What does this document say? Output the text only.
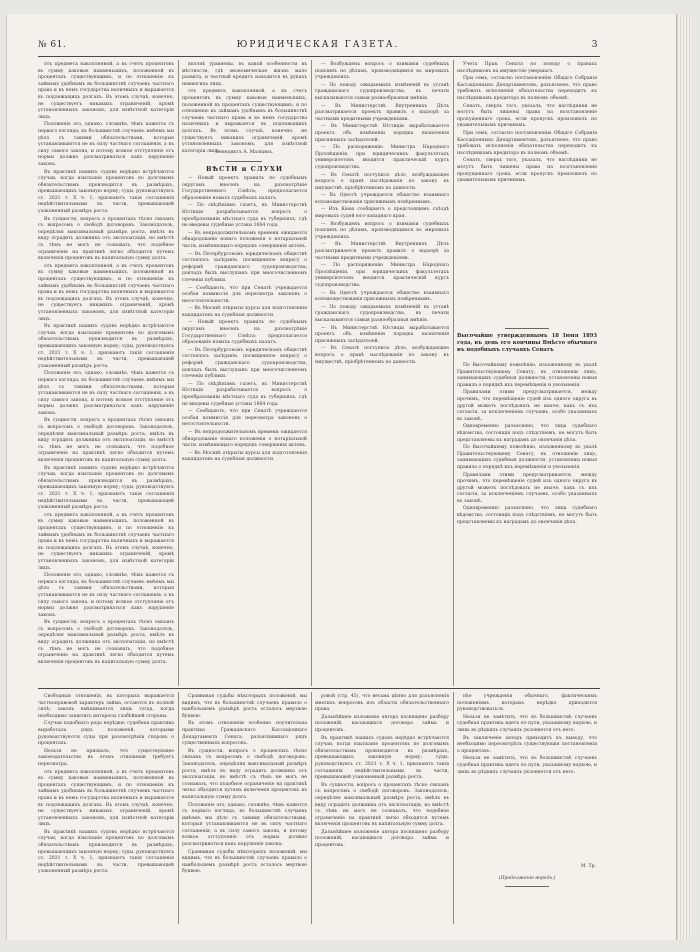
№ 61.	ЮРИДИЧЕСКАЯ ГАЗЕТА.	3

отъ предмета накопленной, а въ счетъ процентовъ въ сумму каковые наименьшихъ, положенной въ процентахъ существующимъ, и по отношенію къ займамъ удобнымъ въ большинствѣ случаевъ частнаго права и въ немъ государства наличныхъ и выражается въ подлежащихъ долгахъ. Въ этомъ случаѣ, конечно, не существуетъ никакихъ ограниченій, кромѣ установленныхъ закономъ, для извѣстной категоріи лицъ.

Положеніе это, однако, сложнѣе, чѣмъ кажется съ перваго взгляда; въ большинствѣ случаевъ имѣемъ мы дѣло съ такими обязательствами, которыя устанавливаются не въ силу частнаго соглашенія, а въ силу самого закона, и потому всякое отступленіе отъ нормы должно разсматриваться какъ нарушеніе закона.

Въ практикѣ нашихъ судовъ нерѣдко встрѣчаются случаи, когда взысканіе процентовъ по долговымъ обязательствамъ производится въ размѣрахъ, превышающихъ законную норму; суды, руководствуясь ст. 2021 т. X ч. 1, признаютъ такія соглашенія недѣйствительными въ части, превышающей узаконенный размѣръ роста.

Въ сущности, вопросъ о процентахъ тѣсно связанъ съ вопросомъ о свободѣ договоровъ. Законодатель, опредѣляя максимальный размѣръ роста, имѣлъ въ виду оградить должника отъ эксплоатаціи, но вмѣстѣ съ тѣмъ не могъ не сознавать, что подобное ограниченіе на практикѣ легко обходится путемъ включенія процентовъ въ капитальную сумму долга.

отъ предмета накопленной, а въ счетъ процентовъ въ сумму каковые наименьшихъ, положенной въ процентахъ существующимъ, и по отношенію къ займамъ удобнымъ въ большинствѣ случаевъ частнаго права и въ немъ государства наличныхъ и выражается въ подлежащихъ долгахъ. Въ этомъ случаѣ, конечно, не существуетъ никакихъ ограниченій, кромѣ установленныхъ закономъ, для извѣстной категоріи лицъ.

Въ практикѣ нашихъ судовъ нерѣдко встрѣчаются случаи, когда взысканіе процентовъ по долговымъ обязательствамъ производится въ размѣрахъ, превышающихъ законную норму; суды, руководствуясь ст. 2021 т. X ч. 1, признаютъ такія соглашенія недѣйствительными въ части, превышающей узаконенный размѣръ роста.

Положеніе это, однако, сложнѣе, чѣмъ кажется съ перваго взгляда; въ большинствѣ случаевъ имѣемъ мы дѣло съ такими обязательствами, которыя устанавливаются не въ силу частнаго соглашенія, а въ силу самого закона, и потому всякое отступленіе отъ нормы должно разсматриваться какъ нарушеніе закона.

Въ сущности, вопросъ о процентахъ тѣсно связанъ съ вопросомъ о свободѣ договоровъ. Законодатель, опредѣляя максимальный размѣръ роста, имѣлъ въ виду оградить должника отъ эксплоатаціи, но вмѣстѣ съ тѣмъ не могъ не сознавать, что подобное ограниченіе на практикѣ легко обходится путемъ включенія процентовъ въ капитальную сумму долга.

Въ практикѣ нашихъ судовъ нерѣдко встрѣчаются случаи, когда взысканіе процентовъ по долговымъ обязательствамъ производится въ размѣрахъ, превышающихъ законную норму; суды, руководствуясь ст. 2021 т. X ч. 1, признаютъ такія соглашенія недѣйствительными въ части, превышающей узаконенный размѣръ роста.

отъ предмета накопленной, а въ счетъ процентовъ въ сумму каковые наименьшихъ, положенной въ процентахъ существующимъ, и по отношенію къ займамъ удобнымъ въ большинствѣ случаевъ частнаго права и въ немъ государства наличныхъ и выражается въ подлежащихъ долгахъ. Въ этомъ случаѣ, конечно, не существуетъ никакихъ ограниченій, кромѣ установленныхъ закономъ, для извѣстной категоріи лицъ.

Положеніе это, однако, сложнѣе, чѣмъ кажется съ перваго взгляда; въ большинствѣ случаевъ имѣемъ мы дѣло съ такими обязательствами, которыя устанавливаются не въ силу частнаго соглашенія, а въ силу самого закона, и потому всякое отступленіе отъ нормы должно разсматриваться какъ нарушеніе закона.

Въ сущности, вопросъ о процентахъ тѣсно связанъ съ вопросомъ о свободѣ договоровъ. Законодатель, опредѣляя максимальный размѣръ роста, имѣлъ въ виду оградить должника отъ эксплоатаціи, но вмѣстѣ съ тѣмъ не могъ не сознавать, что подобное ограниченіе на практикѣ легко обходится путемъ включенія процентовъ въ капитальную сумму долга.

вполнѣ уравнены, въ какой особенности въ мѣстности, гдѣ экономическая жизнь мало развита, и частный кредитъ находится въ рукахъ немногихъ лицъ.

отъ предмета накопленной, а въ счетъ процентовъ въ сумму каковые наименьшихъ, положенной въ процентахъ существующимъ, и по отношенію къ займамъ удобнымъ въ большинствѣ случаевъ частнаго права и въ немъ государства наличныхъ и выражается въ подлежащихъ долгахъ. Въ этомъ случаѣ, конечно, не существуетъ никакихъ ограниченій, кромѣ установленныхъ закономъ, для извѣстной категоріи лицъ.

Бенедиктъ А. Малкинъ.
ВѢСТИ и СЛУХИ

— Новый проектъ правилъ по судебнымъ округамъ внесенъ на разсмотрѣніе Государственнаго Совѣта; предполагается образованіе новыхъ судебныхъ палатъ.

— По свѣдѣніямъ газетъ, въ Министерствѣ Юстиціи разрабатывается вопросъ о преобразованіи мѣстнаго суда въ губерніяхъ, гдѣ не введены судебные уставы 1864 года.

— Въ непродолжительномъ времени ожидается обнародованіе новаго положенія о нотаріальной части, измѣняющаго порядокъ совершенія актовъ.

— Въ Петербургскомъ юридическомъ обществѣ состоялось засѣданіе, посвященное вопросу о реформѣ гражданскаго судопроизводства; докладъ былъ выслушанъ при многочисленномъ стеченіи публики.

— Сообщаютъ, что при Сенатѣ учреждается особая коммиссія для пересмотра законовъ о несостоятельности.

— Въ Москвѣ открыты курсы для подготовленія кандидатовъ на судебныя должности.

— Новый проектъ правилъ по судебнымъ округамъ внесенъ на разсмотрѣніе Государственнаго Совѣта; предполагается образованіе новыхъ судебныхъ палатъ.

— Въ Петербургскомъ юридическомъ обществѣ состоялось засѣданіе, посвященное вопросу о реформѣ гражданскаго судопроизводства; докладъ былъ выслушанъ при многочисленномъ стеченіи публики.

— По свѣдѣніямъ газетъ, въ Министерствѣ Юстиціи разрабатывается вопросъ о преобразованіи мѣстнаго суда въ губерніяхъ, гдѣ не введены судебные уставы 1864 года.

— Сообщаютъ, что при Сенатѣ учреждается особая коммиссія для пересмотра законовъ о несостоятельности.

— Въ непродолжительномъ времени ожидается обнародованіе новаго положенія о нотаріальной части, измѣняющаго порядокъ совершенія актовъ.

— Въ Москвѣ открыты курсы для подготовленія кандидатовъ на судебныя должности.

— Возбужденъ вопросъ о взиманіи судебныхъ пошлинъ по дѣламъ, производящимся въ мировыхъ учрежденіяхъ.

— По поводу ожидаемыхъ измѣненій въ уставѣ гражданскаго судопроизводства, въ печати высказываются самыя разнообразныя мнѣнія.

— Въ Министерствѣ Внутреннихъ Дѣлъ разсматривается проектъ правилъ о надзорѣ за частными кредитными учрежденіями.

— Въ Министерствѣ Юстиціи вырабатывается проектъ объ измѣненіи порядка назначенія присяжныхъ засѣдателей.

— По распоряженію Министра Народнаго Просвѣщенія, при юридическихъ факультетахъ университетовъ вводится практическій курсъ судопроизводства.

— Въ Сенатѣ поступило дѣло, возбуждающее вопросъ о правѣ наслѣдованія по закону въ имуществѣ, пріобрѣтенномъ по давности.

— Въ Одессѣ учреждается общество взаимнаго вспомоществованія присяжнымъ повѣреннымъ.

— Изъ Кіева сообщаютъ о предстоящемъ съѣздѣ мировыхъ судей юго-западнаго края.

— Возбужденъ вопросъ о взиманіи судебныхъ пошлинъ по дѣламъ, производящимся въ мировыхъ учрежденіяхъ.

— Въ Министерствѣ Внутреннихъ Дѣлъ разсматривается проектъ правилъ о надзорѣ за частными кредитными учрежденіями.

— По распоряженію Министра Народнаго Просвѣщенія, при юридическихъ факультетахъ университетовъ вводится практическій курсъ судопроизводства.

— Въ Одессѣ учреждается общество взаимнаго вспомоществованія присяжнымъ повѣреннымъ.

— По поводу ожидаемыхъ измѣненій въ уставѣ гражданскаго судопроизводства, въ печати высказываются самыя разнообразныя мнѣнія.

— Въ Министерствѣ Юстиціи вырабатывается проектъ объ измѣненіи порядка назначенія присяжныхъ засѣдателей.

— Въ Сенатѣ поступило дѣло, возбуждающее вопросъ о правѣ наслѣдованія по закону въ имуществѣ, пріобрѣтенномъ по давности.

Учета Прав. Сената по поводу о правахъ наслѣдниковъ на имущество умершаго.

При семъ, согласно постановленію Общаго Собранія Кассаціонныхъ Департаментовъ, разъяснено, что право требовать исполненія обязательства переходитъ къ наслѣдникамъ кредитора въ полномъ объемѣ.

Сенатъ, сверхъ того, указалъ, что наслѣдники не могутъ быть лишены права на возстановленіе пропущеннаго срока, если пропускъ произошелъ по уважительнымъ причинамъ.

При семъ, согласно постановленію Общаго Собранія Кассаціонныхъ Департаментовъ, разъяснено, что право требовать исполненія обязательства переходитъ къ наслѣдникамъ кредитора въ полномъ объемѣ.

Сенатъ, сверхъ того, указалъ, что наслѣдники не могутъ быть лишены права на возстановленіе пропущеннаго срока, если пропускъ произошелъ по уважительнымъ причинамъ.

Высочайше утвержденнымъ 18 Іюня 1893 года, въ день его кончины Вмѣсто обычнаго въ подобныхъ случаяхъ Сенатъ

По Высочайшему повелѣнію, изложенному въ указѣ Правительствующему Сенату, въ отношеніи лицъ, занимающихъ судебныя должности, установлены новыя правила о порядкѣ ихъ перемѣщенія и увольненія.

Правилами этими предусматривается, между прочимъ, что перемѣщеніе судей изъ одного округа въ другой можетъ послѣдовать не иначе, какъ съ ихъ согласія, за исключеніемъ случаевъ, особо указанныхъ въ законѣ.

Одновременно разъяснено, что лица судебнаго вѣдомства, состоящія подъ слѣдствіемъ, не могутъ быть представляемы къ наградамъ до окончанія дѣла.

По Высочайшему повелѣнію, изложенному въ указѣ Правительствующему Сенату, въ отношеніи лицъ, занимающихъ судебныя должности, установлены новыя правила о порядкѣ ихъ перемѣщенія и увольненія.

Правилами этими предусматривается, между прочимъ, что перемѣщеніе судей изъ одного округа въ другой можетъ послѣдовать не иначе, какъ съ ихъ согласія, за исключеніемъ случаевъ, особо указанныхъ въ законѣ.

Одновременно разъяснено, что лица судебнаго вѣдомства, состоящія подъ слѣдствіемъ, не могутъ быть представляемы къ наградамъ до окончанія дѣла.

Свободныя отношенія, въ которыхъ выражается частноправовой характеръ займа, остаются въ полной силѣ; законъ вмѣшивается лишь тогда, когда необходимо защитить интересы слабѣйшей стороны.

Случаи подобнаго рода нерѣдки; судебная практика выработала рядъ положеній, которыми руководствуются суды при разсмотрѣніи споровъ о процентахъ.

Нельзя не признать, что существующее законодательство въ этомъ отношеніи требуетъ пересмотра.

отъ предмета накопленной, а въ счетъ процентовъ въ сумму каковые наименьшихъ, положенной въ процентахъ существующимъ, и по отношенію къ займамъ удобнымъ въ большинствѣ случаевъ частнаго права и въ немъ государства наличныхъ и выражается въ подлежащихъ долгахъ. Въ этомъ случаѣ, конечно, не существуетъ никакихъ ограниченій, кромѣ установленныхъ закономъ, для извѣстной категоріи лицъ.

Въ практикѣ нашихъ судовъ нерѣдко встрѣчаются случаи, когда взысканіе процентовъ по долговымъ обязательствамъ производится въ размѣрахъ, превышающихъ законную норму; суды, руководствуясь ст. 2021 т. X ч. 1, признаютъ такія соглашенія недѣйствительными въ части, превышающей узаконенный размѣръ роста.

Сравнивая судьбы нѣкоторыхъ положеній, мы видимъ, что въ большинствѣ случаевъ правило о наибольшемъ размѣрѣ роста осталось мертвою буквою.

Въ этомъ отношеніи особенно поучительна практика Гражданскаго Кассаціоннаго Департамента Сената, разъяснившаго рядъ существенныхъ вопросовъ.

Въ сущности, вопросъ о процентахъ тѣсно связанъ съ вопросомъ о свободѣ договоровъ. Законодатель, опредѣляя максимальный размѣръ роста, имѣлъ въ виду оградить должника отъ эксплоатаціи, но вмѣстѣ съ тѣмъ не могъ не сознавать, что подобное ограниченіе на практикѣ легко обходится путемъ включенія процентовъ въ капитальную сумму долга.

Положеніе это, однако, сложнѣе, чѣмъ кажется съ перваго взгляда; въ большинствѣ случаевъ имѣемъ мы дѣло съ такими обязательствами, которыя устанавливаются не въ силу частнаго соглашенія, а въ силу самого закона, и потому всякое отступленіе отъ нормы должно разсматриваться какъ нарушеніе закона.

Сравнивая судьбы нѣкоторыхъ положеній, мы видимъ, что въ большинствѣ случаевъ правило о наибольшемъ размѣрѣ роста осталось мертвою буквою.

ровой (стр. 45), что весьма цѣнно для разъясненія многихъ вопросовъ изъ области обязательственнаго права.

Дальнѣйшее изложеніе автора посвящено разбору положеній, касающихся договора займа и процентовъ.

Въ практикѣ нашихъ судовъ нерѣдко встрѣчаются случаи, когда взысканіе процентовъ по долговымъ обязательствамъ производится въ размѣрахъ, превышающихъ законную норму; суды, руководствуясь ст. 2021 т. X ч. 1, признаютъ такія соглашенія недѣйствительными въ части, превышающей узаконенный размѣръ роста.

Въ сущности, вопросъ о процентахъ тѣсно связанъ съ вопросомъ о свободѣ договоровъ. Законодатель, опредѣляя максимальный размѣръ роста, имѣлъ въ виду оградить должника отъ эксплоатаціи, но вмѣстѣ съ тѣмъ не могъ не сознавать, что подобное ограниченіе на практикѣ легко обходится путемъ включенія процентовъ въ капитальную сумму долга.

Дальнѣйшее изложеніе автора посвящено разбору положеній, касающихся договора займа и процентовъ.

нѣе учрежденія обычнаго, фактическимъ положеніямъ которыхъ нерѣдко приходится руководствоваться.

Нельзя не замѣтить, что въ большинствѣ случаевъ судебная практика идетъ по пути, указанному наукою, и лишь въ рѣдкихъ случаяхъ уклоняется отъ него.

Въ заключеніе авторъ приходитъ къ выводу, что необходимо пересмотрѣть существующія постановленія о процентахъ.

Нельзя не замѣтить, что въ большинствѣ случаевъ судебная практика идетъ по пути, указанному наукою, и лишь въ рѣдкихъ случаяхъ уклоняется отъ него.

М. Тр.
(Продолженіе впредь.)
